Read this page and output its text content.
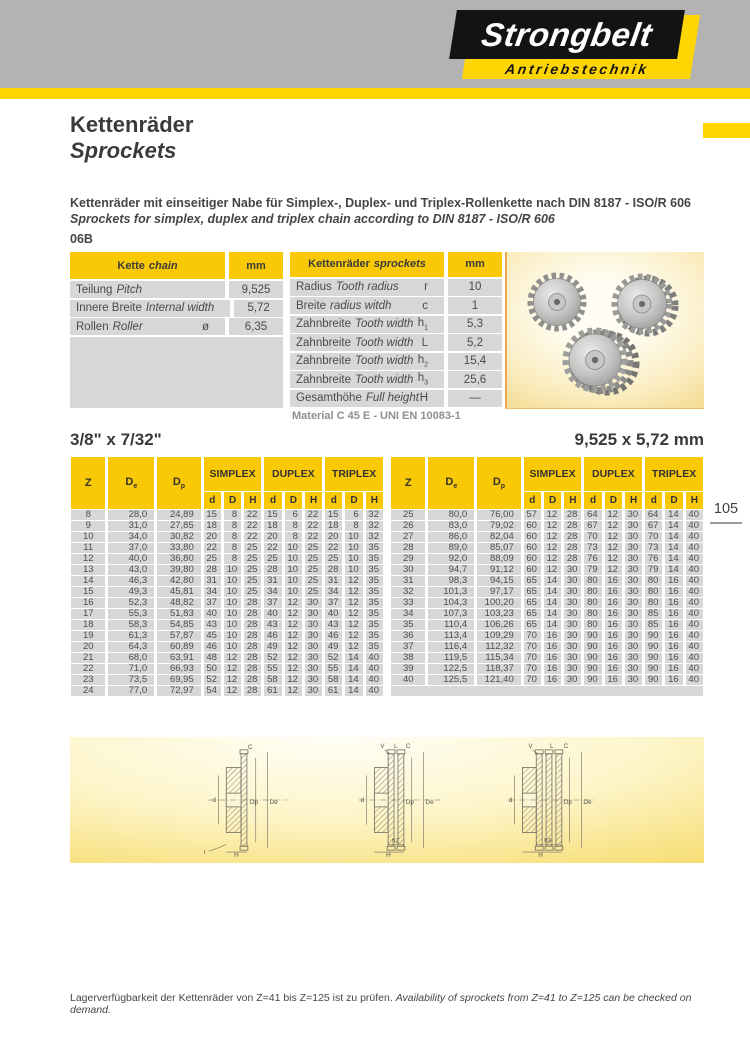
Strongbelt
Antriebstechnik
Kettenräder
Sprockets
Kettenräder mit einseitiger Nabe für Simplex-, Duplex- und Triplex-Rollenkette nach DIN 8187 - ISO/R 606
Sprockets for simplex, duplex and triplex chain according to DIN 8187 - ISO/R 606
06B
Kette chain	mm
Teilung Pitch	9,525
Innere Breite Internal width	5,72
Rollen Roller	ø	6,35
Kettenräder sprockets	mm
Radius Tooth radius r	10
Breite radius witdh	c	1
Zahnbreite Tooth width $h_1$	5,3
Zahnbreite Tooth width L	5,2
Zahnbreite Tooth width $h_2$	15,4
Zahnbreite Tooth width $h_3$	25,6
Gesamthöhe Full height H	—
Material C 45 E - UNI EN 10083-1
3/8" x 7/32"	9,525 x 5,72 mm
Z	$D_e$	$D_p$	SIMPLEX			DUPLEX			TRIPLEX		
			d	D	H	d	D	H	d	D	H
8	28,0	24,89	15	8	22	15	6	22	15	6	32
9	31,0	27,85	18	8	22	18	8	22	18	8	32
10	34,0	30,82	20	8	22	20	8	22	20	10	32
11	37,0	33,80	22	8	25	22	10	25	22	10	35
12	40,0	36,80	25	8	25	25	10	25	25	10	35
13	43,0	39,80	28	10	25	28	10	25	28	10	35
14	46,3	42,80	31	10	25	31	10	25	31	12	35
15	49,3	45,81	34	10	25	34	10	25	34	12	35
16	52,3	48,82	37	10	28	37	12	30	37	12	35
17	55,3	51,83	40	10	28	40	12	30	40	12	35
18	58,3	54,85	43	10	28	43	12	30	43	12	35
19	61,3	57,87	45	10	28	46	12	30	46	12	35
20	64,3	60,89	46	10	28	49	12	30	49	12	35
21	68,0	63,91	48	12	28	52	12	30	52	14	40
22	71,0	66,93	50	12	28	55	12	30	55	14	40
23	73,5	69,95	52	12	28	58	12	30	58	14	40
24	77,0	72,97	54	12	28	61	12	30	61	14	40
Z	$D_e$	$D_p$	SIMPLEX			DUPLEX			TRIPLEX		
			d	D	H	d	D	H	d	D	H
25	80,0	76,00	57	12	28	64	12	30	64	14	40
26	83,0	79,02	60	12	28	67	12	30	67	14	40
27	86,0	82,04	60	12	28	70	12	30	70	14	40
28	89,0	85,07	60	12	28	73	12	30	73	14	40
29	92,0	88,09	60	12	28	76	12	30	76	14	40
30	94,7	91,12	60	12	30	79	12	30	79	14	40
31	98,3	94,15	65	14	30	80	16	30	80	16	40
32	101,3	97,17	65	14	30	80	16	30	80	16	40
33	104,3	100,20	65	14	30	80	16	30	80	16	40
34	107,3	103,23	65	14	30	80	16	30	85	16	40
35	110,4	106,26	65	14	30	80	16	30	85	16	40
36	113,4	109,29	70	16	30	90	16	30	90	16	40
37	116,4	112,32	70	16	30	90	16	30	90	16	40
38	119,5	115,34	70	16	30	90	16	30	90	16	40
39	122,5	118,37	70	16	30	90	16	30	90	16	40
40	125,5	121,40	70	16	30	90	16	30	90	16	40

105
C
d	Dp De
H
r
V L C
d	Dp De
h2
H
V	L C
d	Dp De
h3
H
Lagerverfügbarkeit der Kettenräder von Z=41 bis Z=125 ist zu prüfen. Availability of sprockets from Z=41 to Z=125 can be checked on demand.
